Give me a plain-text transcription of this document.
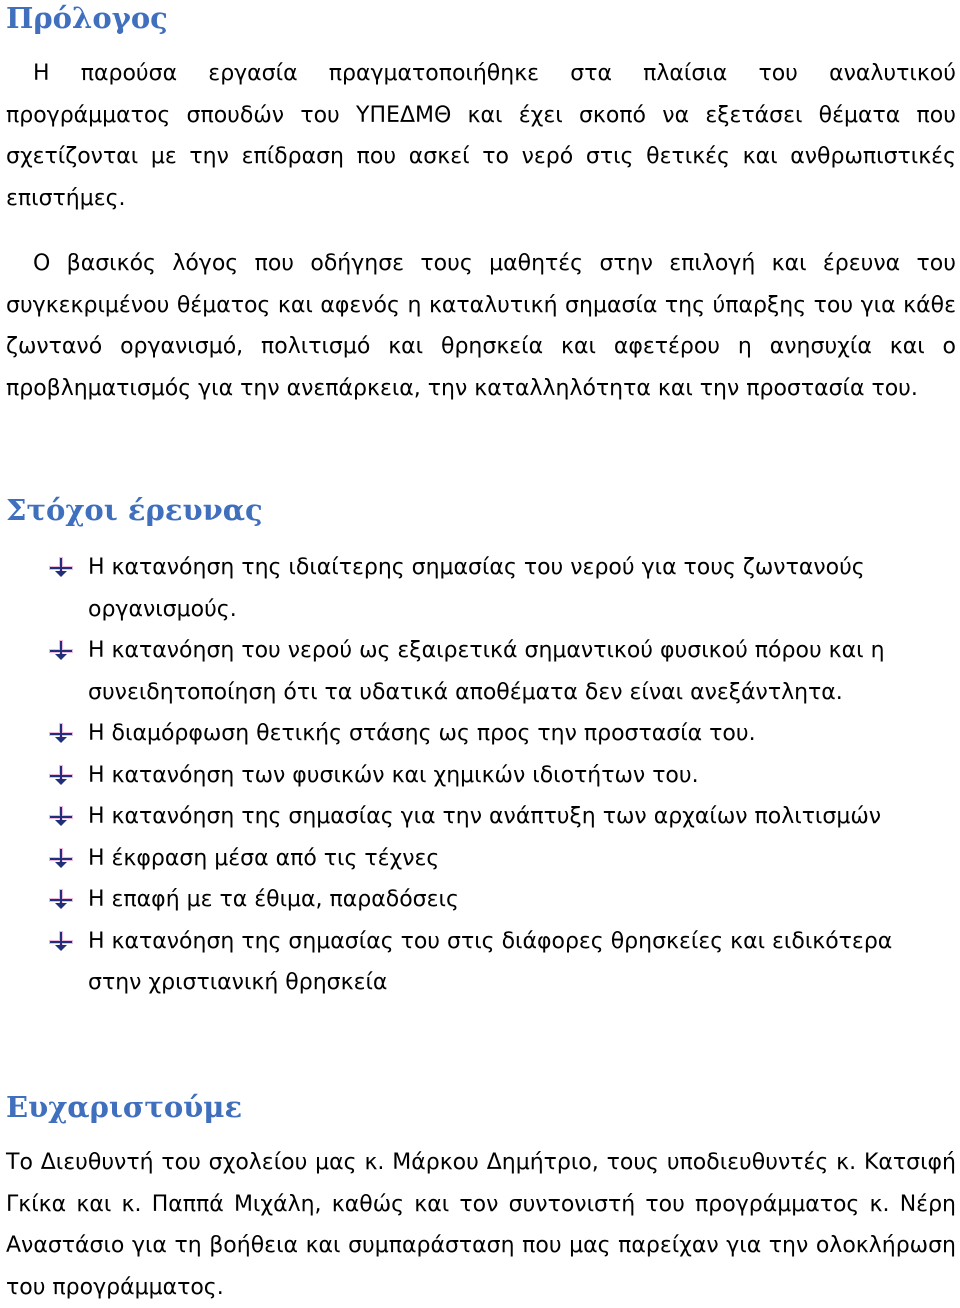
Πρόλογος

Η παρούσα εργασία πραγματοποιήθηκε στα πλαίσια του αναλυτικού προγράμματος σπουδών του ΥΠΕΔΜΘ και έχει σκοπό να εξετάσει θέματα που σχετίζονται με την επίδραση που ασκεί το νερό στις θετικές και ανθρωπιστικές επιστήμες.

Ο βασικός λόγος που οδήγησε τους μαθητές στην επιλογή και έρευνα του συγκεκριμένου θέματος και αφενός η καταλυτική σημασία της ύπαρξης του για κάθε ζωντανό οργανισμό, πολιτισμό και θρησκεία και αφετέρου η ανησυχία και ο προβληματισμός για την ανεπάρκεια, την καταλληλότητα και την προστασία του.

Στόχοι έρευνας
Η κατανόηση της ιδιαίτερης σημασίας του νερού για τους ζωντανούς οργανισμούς.
Η κατανόηση του νερού ως εξαιρετικά σημαντικού φυσικού πόρου και η συνειδητοποίηση ότι τα υδατικά αποθέματα δεν είναι ανεξάντλητα.
Η διαμόρφωση θετικής στάσης ως προς την προστασία του.
Η κατανόηση των φυσικών και χημικών ιδιοτήτων του.
Η κατανόηση της σημασίας για την ανάπτυξη των αρχαίων πολιτισμών
Η έκφραση μέσα από τις τέχνες
Η επαφή με τα έθιμα, παραδόσεις
Η κατανόηση της σημασίας του στις διάφορες θρησκείες και ειδικότερα στην χριστιανική θρησκεία
Ευχαριστούμε

Το Διευθυντή του σχολείου μας κ. Μάρκου Δημήτριο, τους υποδιευθυντές κ. Κατσιφή Γκίκα και κ. Παππά Μιχάλη, καθώς και τον συντονιστή του προγράμματος κ. Νέρη Αναστάσιο για τη βοήθεια και συμπαράσταση που μας παρείχαν για την ολοκλήρωση του προγράμματος.
